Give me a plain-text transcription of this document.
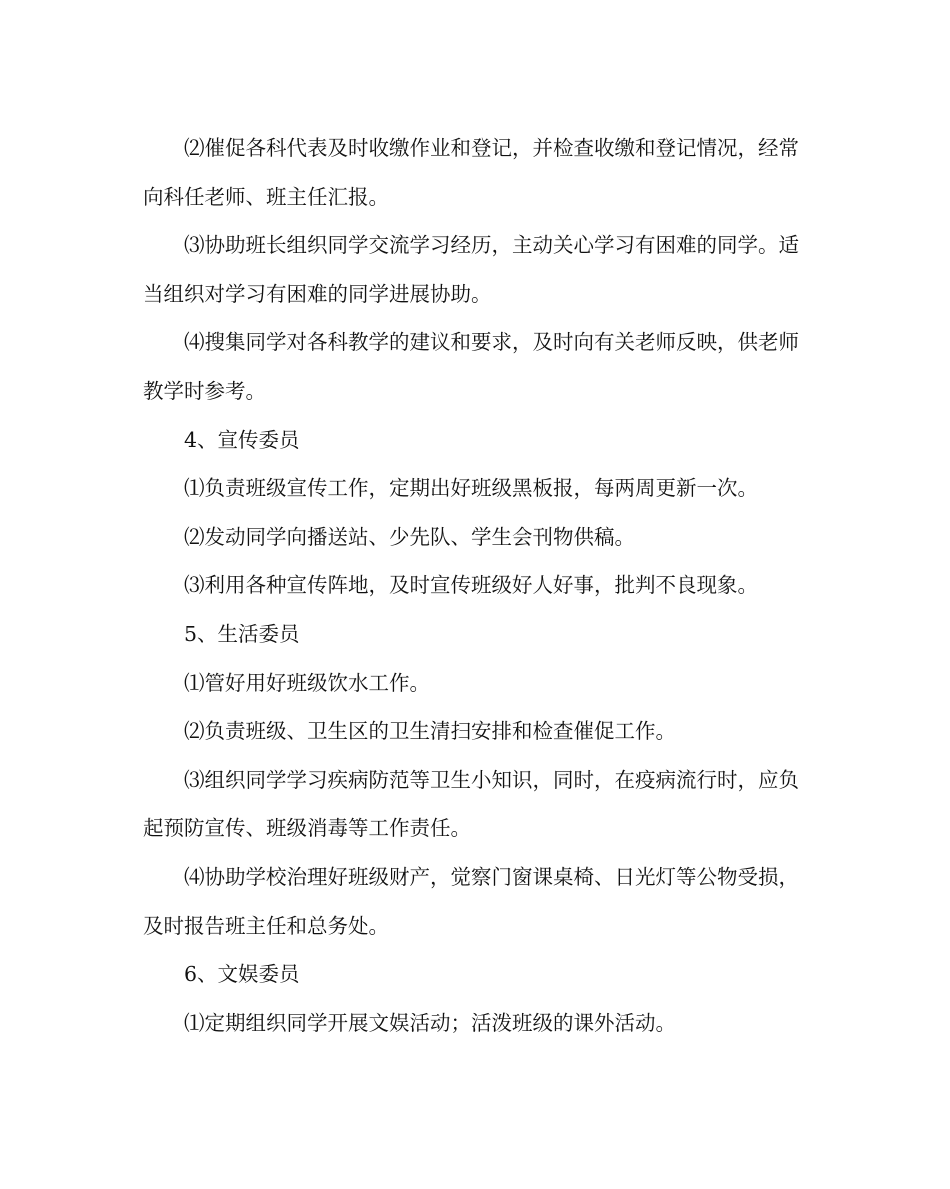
⑵催促各科代表及时收缴作业和登记，并检查收缴和登记情况，经常向科任老师、班主任汇报。

⑶协助班长组织同学交流学习经历，主动关心学习有困难的同学。适当组织对学习有困难的同学进展协助。

⑷搜集同学对各科教学的建议和要求，及时向有关老师反映，供老师教学时参考。

4、宣传委员

⑴负责班级宣传工作，定期出好班级黑板报，每两周更新一次。

⑵发动同学向播送站、少先队、学生会刊物供稿。

⑶利用各种宣传阵地，及时宣传班级好人好事，批判不良现象。

5、生活委员

⑴管好用好班级饮水工作。

⑵负责班级、卫生区的卫生清扫安排和检查催促工作。

⑶组织同学学习疾病防范等卫生小知识，同时，在疫病流行时，应负起预防宣传、班级消毒等工作责任。

⑷协助学校治理好班级财产，觉察门窗课桌椅、日光灯等公物受损，及时报告班主任和总务处。

6、文娱委员

⑴定期组织同学开展文娱活动；活泼班级的课外活动。
